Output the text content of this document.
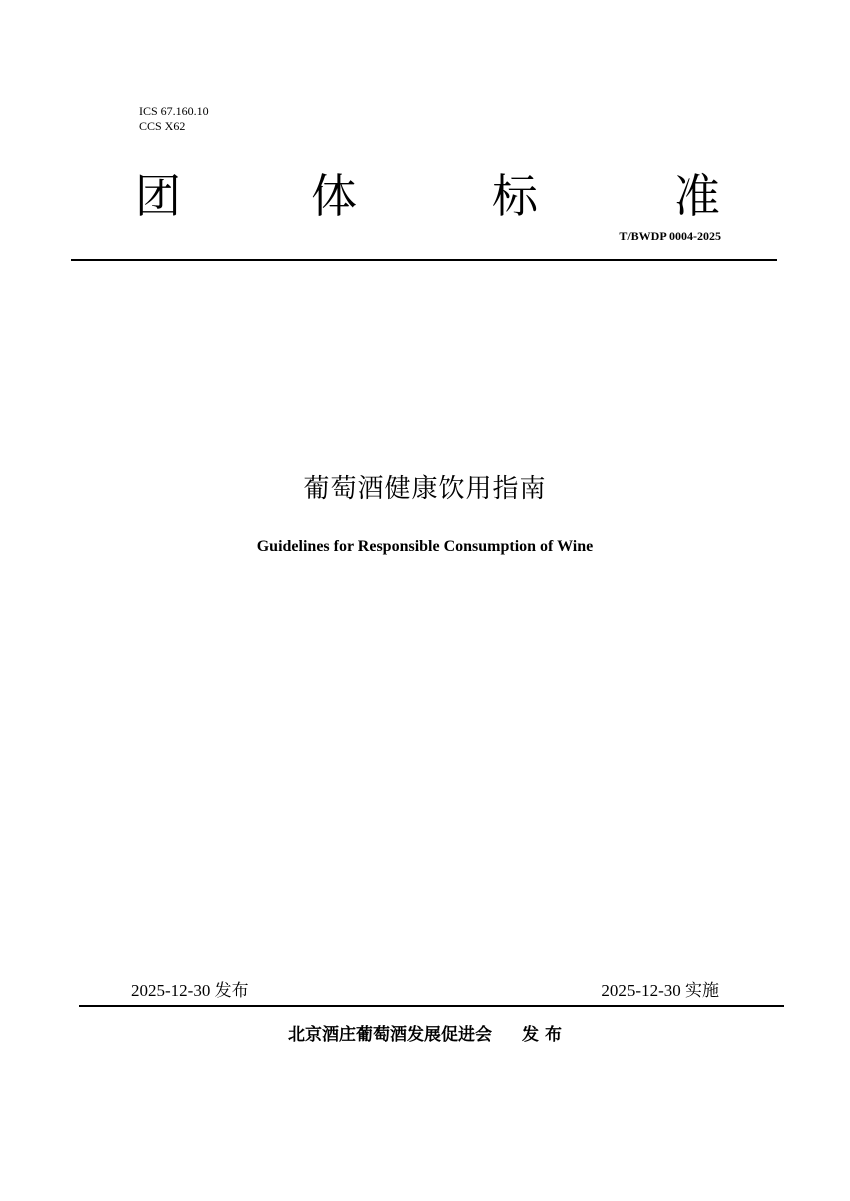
ICS 67.160.10
CCS X62
团	体	标	准
T/BWDP 0004-2025
葡萄酒健康饮用指南
Guidelines for Responsible Consumption of Wine
2025-12-30 发布	2025-12-30 实施
北京酒庄葡萄酒发展促进会 发 布
